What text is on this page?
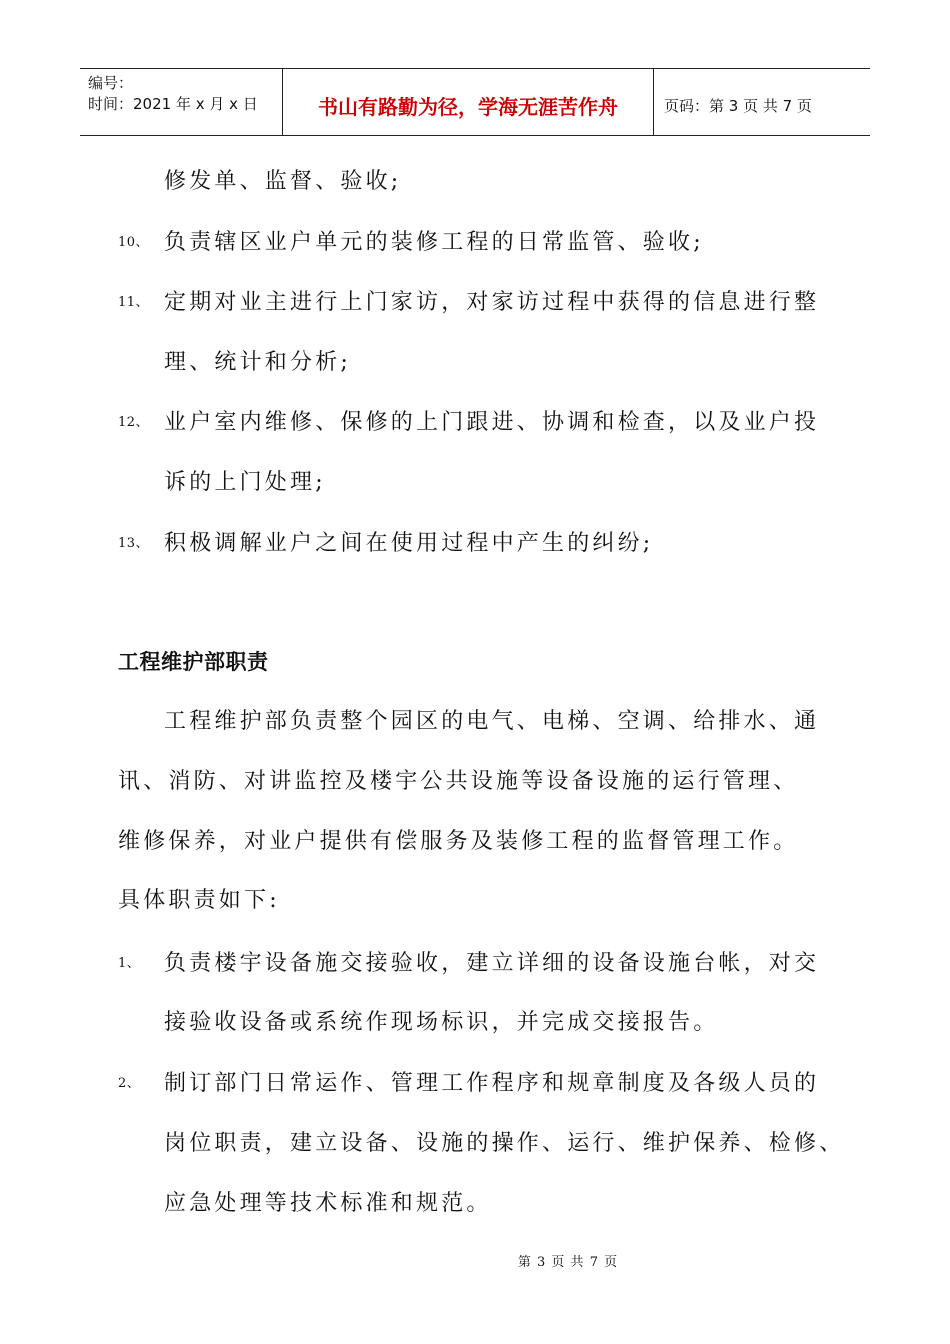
编号：
时间：2021 年 x 月 x 日	书山有路勤为径，学海无涯苦作舟	页码：第 3 页 共 7 页
修发单、监督、验收;
10、 负责辖区业户单元的装修工程的日常监管、验收;
11、 定期对业主进行上门家访，对家访过程中获得的信息进行整
理、统计和分析;
12、 业户室内维修、保修的上门跟进、协调和检查，以及业户投
诉的上门处理;
13、 积极调解业户之间在使用过程中产生的纠纷;
工程维护部职责
工程维护部负责整个园区的电气、电梯、空调、给排水、通
讯、消防、对讲监控及楼宇公共设施等设备设施的运行管理、
维修保养，对业户提供有偿服务及装修工程的监督管理工作。
具体职责如下:
1、 负责楼宇设备施交接验收，建立详细的设备设施台帐，对交
接验收设备或系统作现场标识，并完成交接报告。
2、 制订部门日常运作、管理工作程序和规章制度及各级人员的
岗位职责，建立设备、设施的操作、运行、维护保养、检修、
应急处理等技术标准和规范。
第 3 页 共 7 页
